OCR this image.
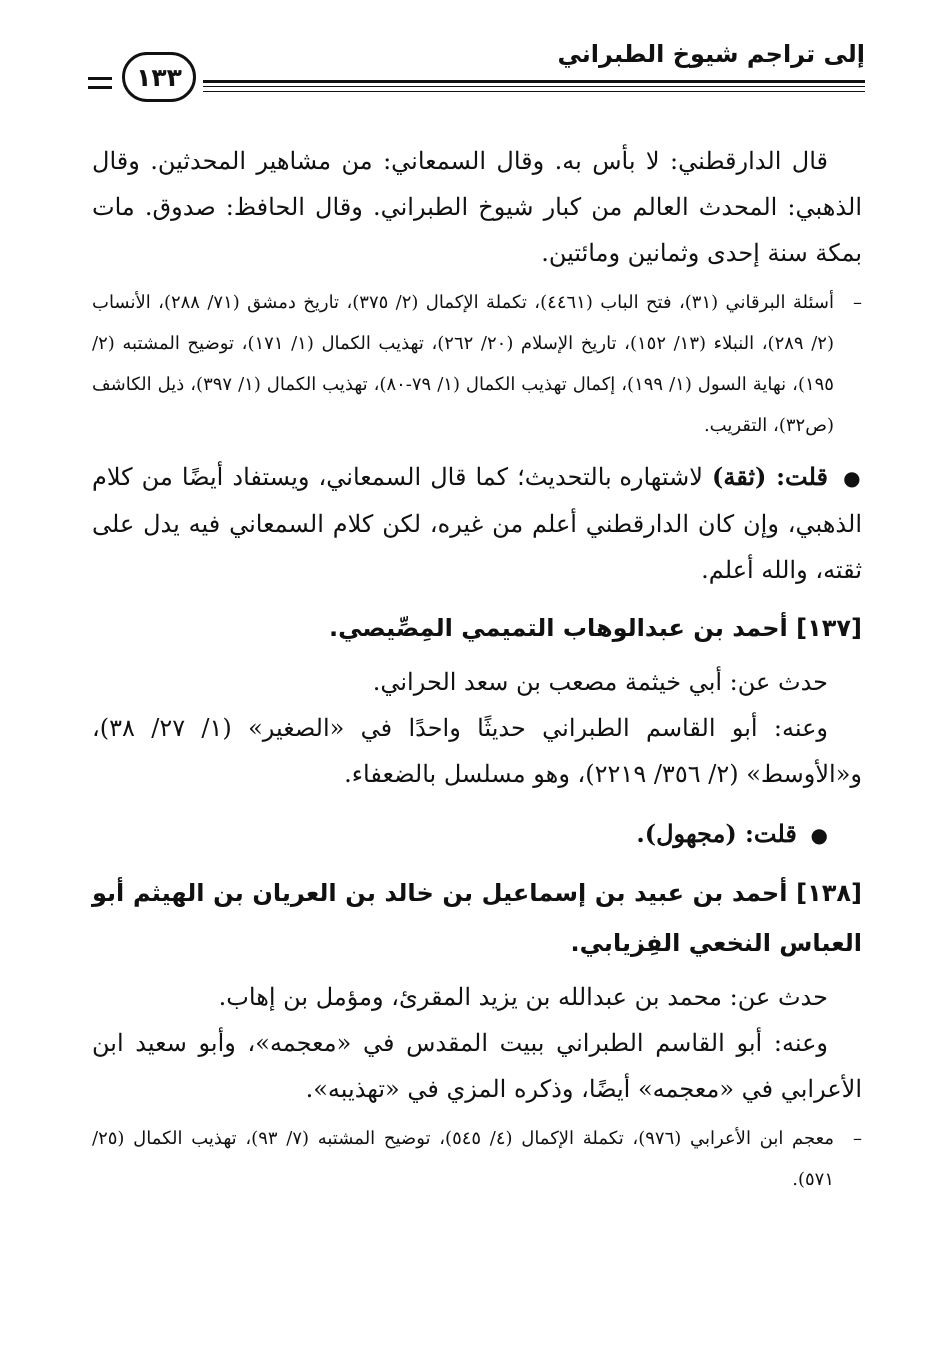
إلى تراجم شيوخ الطبراني
١٣٣

قال الدارقطني: لا بأس به. وقال السمعاني: من مشاهير المحدثين. وقال الذهبي: المحدث العالم من كبار شيوخ الطبراني. وقال الحافظ: صدوق. مات بمكة سنة إحدى وثمانين ومائتين.

–
أسئلة البرقاني (٣١)، فتح الباب (٤٤٦١)، تكملة الإكمال (٢/ ٣٧٥)، تاريخ دمشق (٧١/ ٢٨٨)، الأنساب (٢/ ٢٨٩)، النبلاء (١٣/ ١٥٢)، تاريخ الإسلام (٢٠/ ٢٦٢)، تهذيب الكمال (١/ ١٧١)، توضيح المشتبه (٢/ ١٩٥)، نهاية السول (١/ ١٩٩)، إكمال تهذيب الكمال (١/ ٧٩-٨٠)، تهذيب الكمال (١/ ٣٩٧)، ذيل الكاشف (ص٣٢)، التقريب.

● قلت: (ثقة) لاشتهاره بالتحديث؛ كما قال السمعاني، ويستفاد أيضًا من كلام الذهبي، وإن كان الدارقطني أعلم من غيره، لكن كلام السمعاني فيه يدل على ثقته، والله أعلم.

[١٣٧] أحمد بن عبدالوهاب التميمي المِصِّيصي.

حدث عن: أبي خيثمة مصعب بن سعد الحراني.

وعنه: أبو القاسم الطبراني حديثًا واحدًا في «الصغير» (١/ ٢٧/ ٣٨)، و«الأوسط» (٢/ ٣٥٦/ ٢٢١٩)، وهو مسلسل بالضعفاء.

● قلت: (مجهول).

[١٣٨] أحمد بن عبيد بن إسماعيل بن خالد بن العريان بن الهيثم أبو العباس النخعي الفِزيابي.

حدث عن: محمد بن عبدالله بن يزيد المقرئ، ومؤمل بن إهاب.

وعنه: أبو القاسم الطبراني ببيت المقدس في «معجمه»، وأبو سعيد ابن الأعرابي في «معجمه» أيضًا، وذكره المزي في «تهذيبه».

–
معجم ابن الأعرابي (٩٧٦)، تكملة الإكمال (٤/ ٥٤٥)، توضيح المشتبه (٧/ ٩٣)، تهذيب الكمال (٢٥/ ٥٧١).
